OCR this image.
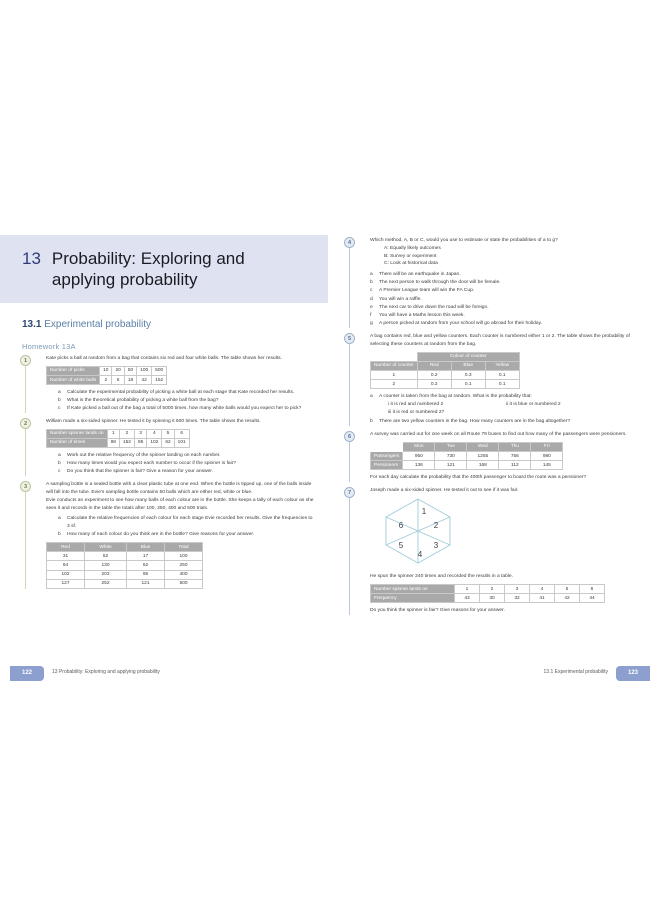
13 Probability: Exploring and applying probability
13.1 Experimental probability
Homework 13A
1	Kate picks a ball at random from a bag that contains six red and four white balls. The table shows her results.
Number of picks	10	20	50	100	500
Number of white balls	2	6	18	42	152
a Calculate the experimental probability of picking a white ball at each stage that Kate recorded her results.
b What is the theoretical probability of picking a white ball from the bag?
c If Kate picked a ball out of the bag a total of 5000 times, how many white balls would you expect her to pick?
2	William made a six-sided spinner. He tested it by spinning it 600 times. The table shows the results.
Number spinner lands on	1	2	3	4	5	6
Number of times	98	152	85	102	62	101
a Work out the relative frequency of the spinner landing on each number.
b How many times would you expect each number to occur if the spinner is fair?
c Do you think that the spinner is fair? Give a reason for your answer.
3	A sampling bottle is a sealed bottle with a clear plastic tube at one end. When the bottle is tipped up, one of the balls inside will fall into the tube. Evie's sampling bottle contains 50 balls which are either red, white or blue.

Evie conducts an experiment to see how many balls of each colour are in the bottle. She keeps a tally of each colour as she sees it and records in the table the totals after 100, 250, 400 and 500 trials.

a Calculate the relative frequencies of each colour for each stage Evie recorded her results. Give the frequencies to 3 sf.
b How many of each colour do you think are in the bottle? Give reasons for your answer.
Red	White	Blue	Total
31	52	17	100
64	130	62	250
102	203	95	400
127	252	121	500
122	13 Probability: Exploring and applying probability
4	Which method, A, B or C, would you use to estimate or state the probabilities of a to g?
A: Equally likely outcomes
B: Survey or experiment
C: Look at historical data
a There will be an earthquake in Japan.
b The next person to walk through the door will be female.
c A Premier League team will win the FA Cup.
d You will win a raffle.
e The next car to drive down the road will be foreign.
f You will have a Maths lesson this week.
g A person picked at random from your school will go abroad for their holiday.
5	A bag contains red, blue and yellow counters. Each counter is numbered either 1 or 2. The table shows the probability of selecting these counters at random from the bag.
	Colour of counter		
Number of counter	Red	Blue	Yellow
1	0.2	0.3	0.1
2	0.2	0.1	0.1
a A counter is taken from the bag at random. What is the probability that:
i it is red and numbered 2	ii it is blue or numbered 2
iii it is red or numbered 2?
b There are two yellow counters in the bag. How many counters are in the bag altogether?
6	A survey was carried out for one week on all Route 79 buses to find out how many of the passengers were pensioners.
	Mon	Tue	Wed	Thu	Fri
Passengers	950	730	1255	756	980
Pensioners	136	121	168	112	145
For each day calculate the probability that the 400th passenger to board the route was a pensioner?
7	Joseph made a six-sided spinner. He tested it out to see if it was fair.
1
2
3
4
5
6
He spun the spinner 240 times and recorded the results in a table.
Number spinner lands on	1	2	3	4	5	6
Frequency	43	30	32	41	42	44
Do you think the spinner is fair? Give reasons for your answer.
123
13.1 Experimental probability
